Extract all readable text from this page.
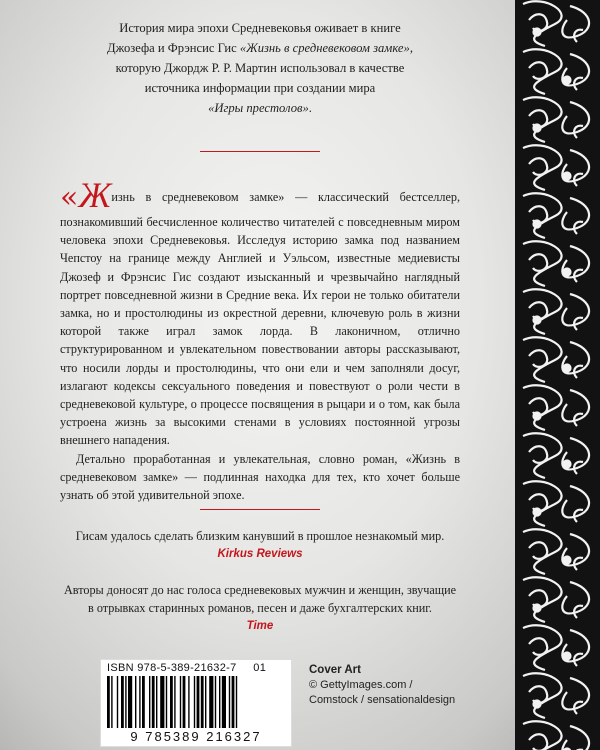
История мира эпохи Средневековья оживает в книге
Джозефа и Фрэнсис Гис «Жизнь в средневековом замке»,
которую Джордж Р. Р. Мартин использовал в качестве
источника информации при создании мира
«Игры престолов».

«Жизнь в средневековом замке» — классический бестселлер, познакомивший бесчисленное количество читателей с повседневным миром человека эпохи Средневековья. Исследуя историю замка под названием Чепстоу на границе между Англией и Уэльсом, известные медиевисты Джозеф и Фрэнсис Гис создают изысканный и чрезвычайно наглядный портрет повседневной жизни в Средние века. Их герои не только обитатели замка, но и простолюдины из окрестной деревни, ключевую роль в жизни которой также играл замок лорда. В лаконичном, отлично структурированном и увлекательном повествовании авторы рассказывают, что носили лорды и простолюдины, что они ели и чем заполняли досуг, излагают кодексы сексуального поведения и повествуют о роли чести в средневековой культуре, о процессе посвящения в рыцари и о том, как была устроена жизнь за высокими стенами в условиях постоянной угрозы внешнего нападения.

Детально проработанная и увлекательная, словно роман, «Жизнь в средневековом замке» — подлинная находка для тех, кто хочет больше узнать об этой удивительной эпохе.

Гисам удалось сделать близким канувший в прошлое незнакомый мир.
Kirkus Reviews
Авторы доносят до нас голоса средневековых мужчин и женщин, звучащие в отрывках старинных романов, песен и даже бухгалтерских книг.
Time
ISBN 978-5-389-21632-7 01
9 785389 216327
Cover Art
© GettyImages.com /
Comstock / sensationaldesign
